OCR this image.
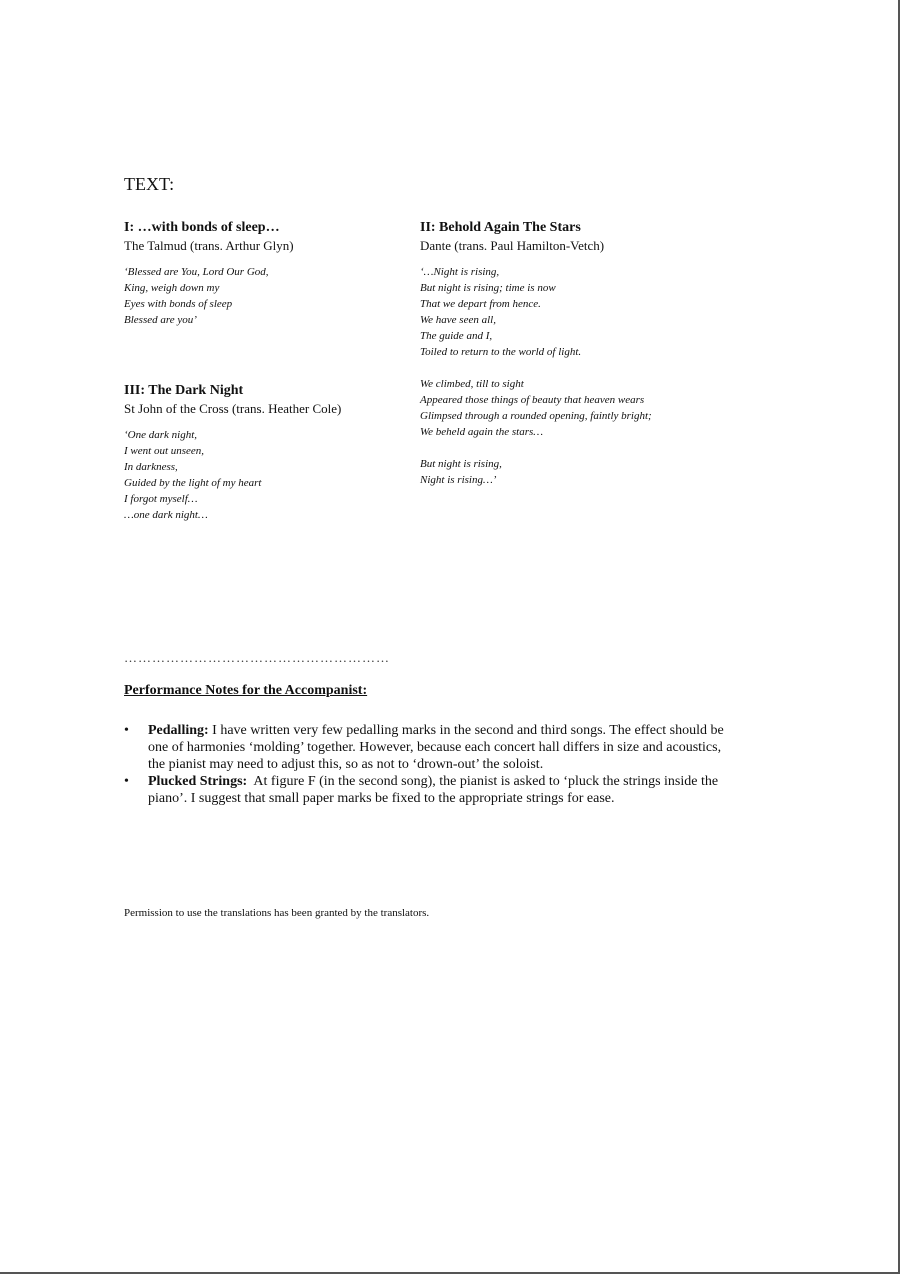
TEXT:
I: …with bonds of sleep…
The Talmud (trans. Arthur Glyn)
‘Blessed are You, Lord Our God,
King, weigh down my
Eyes with bonds of sleep
Blessed are you’
II: Behold Again The Stars
Dante (trans. Paul Hamilton-Vetch)
‘…Night is rising,
But night is rising; time is now
That we depart from hence.
We have seen all,
The guide and I,
Toiled to return to the world of light.
We climbed, till to sight
Appeared those things of beauty that heaven wears
Glimpsed through a rounded opening, faintly bright;
We beheld again the stars…
But night is rising,
Night is rising…’
III: The Dark Night
St John of the Cross (trans. Heather Cole)
‘One dark night,
I went out unseen,
In darkness,
Guided by the light of my heart
I forgot myself…
…one dark night…
…………………………………………………
Performance Notes for the Accompanist:
• Pedalling: I have written very few pedalling marks in the second and third songs. The effect should be one of harmonies ‘molding’ together. However, because each concert hall differs in size and acoustics, the pianist may need to adjust this, so as not to ‘drown-out’ the soloist.
• Plucked Strings:  At figure F (in the second song), the pianist is asked to ‘pluck the strings inside the piano’. I suggest that small paper marks be fixed to the appropriate strings for ease.
Permission to use the translations has been granted by the translators.
